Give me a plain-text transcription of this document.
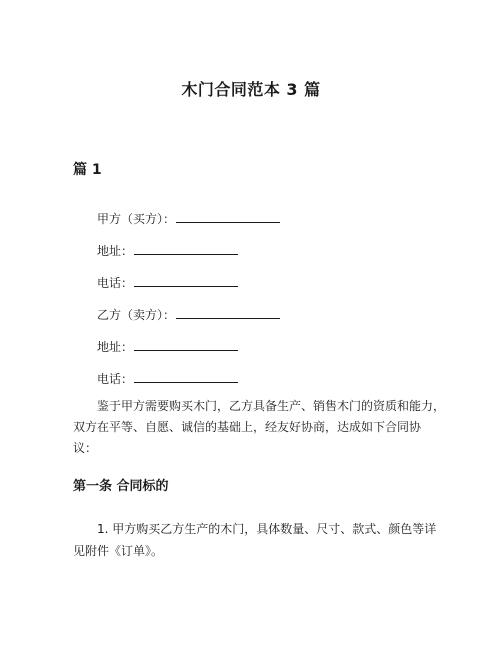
木门合同范本 3 篇
篇 1
甲方（买方）：
地址：
电话：
乙方（卖方）：
地址：
电话：
鉴于甲方需要购买木门，乙方具备生产、销售木门的资质和能力，
双方在平等、自愿、诚信的基础上，经友好协商，达成如下合同协
议：
第一条 合同标的
1. 甲方购买乙方生产的木门，具体数量、尺寸、款式、颜色等详
见附件《订单》。
